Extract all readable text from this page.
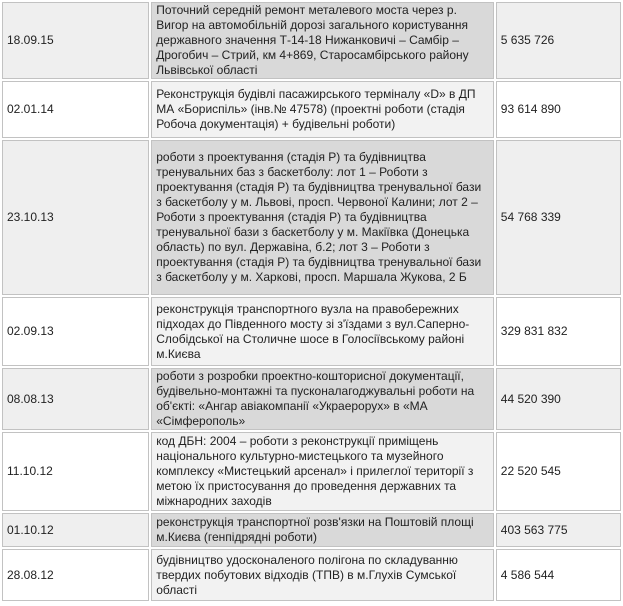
18.09.15	Поточний середній ремонт металевого моста через р. Вигор на автомобільній дорозі загального користування державного значення Т-14-18 Нижанковичі – Самбір – Дрогобич – Стрий, км 4+869, Старосамбірського району Львівської області	5 635 726
02.01.14	Реконструкція будівлі пасажирського терміналу «D» в ДП МА «Бориспіль» (інв.№ 47578) (проектні роботи (стадія Робоча документація) + будівельні роботи)	93 614 890
23.10.13	роботи з проектування (стадія Р) та будівництва тренувальних баз з баскетболу: лот 1 – Роботи з проектування (стадія Р) та будівництва тренувальної бази з баскетболу у м. Львові, просп. Червоної Калини; лот 2 – Роботи з проектування (стадія Р) та будівництва тренувальної бази з баскетболу у м. Макіївка (Донецька область) по вул. Державіна, б.2; лот 3 – Роботи з проектування (стадія Р) та будівництва тренувальної бази з баскетболу у м. Харкові, просп. Маршала Жукова, 2 Б	54 768 339
02.09.13	реконструкція транспортного вузла на правобережних підходах до Південного мосту зі з'їздами з вул.Саперно-Слобідської на Столичне шосе в Голосіївському районі м.Києва	329 831 832
08.08.13	роботи з розробки проектно-кошторисної документації, будівельно-монтажні та пусконалагоджувальні роботи на об'єкті: «Ангар авіакомпанії «Украерорух» в «МА «Сімферополь»	44 520 390
11.10.12	код ДБН: 2004 – роботи з реконструкції приміщень національного культурно-мистецького та музейного комплексу «Мистецький арсенал» і прилеглої території з метою їх пристосування до проведення державних та міжнародних заходів	22 520 545
01.10.12	реконструкція транспортної розв'язки на Поштовій площі м.Києва (генпідрядні роботи)	403 563 775
28.08.12	будівництво удосконаленого полігона по складуванню твердих побутових відходів (ТПВ) в м.Глухів Сумської області	4 586 544
